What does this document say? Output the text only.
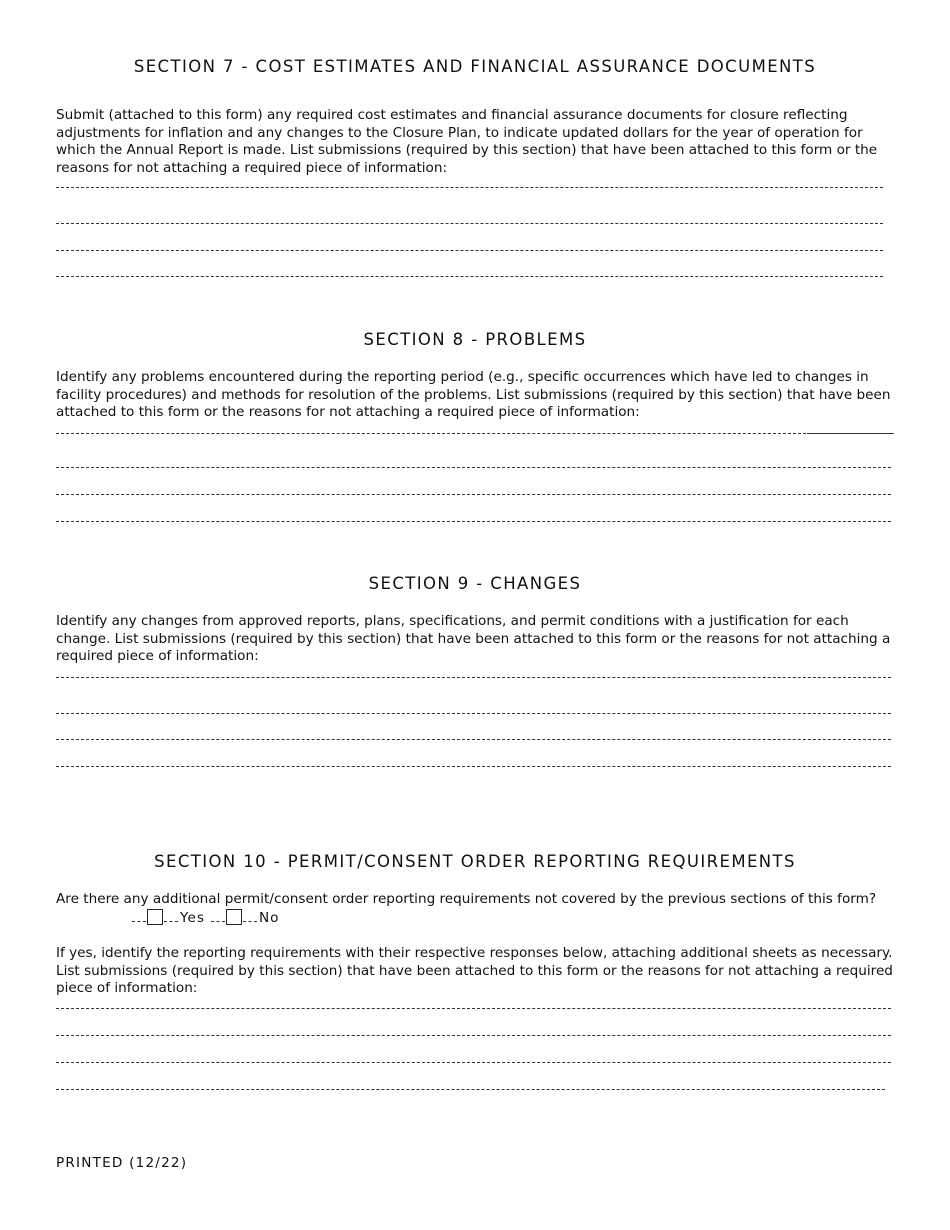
SECTION 7 - COST ESTIMATES AND FINANCIAL ASSURANCE DOCUMENTS

Submit (attached to this form) any required cost estimates and financial assurance documents for closure reflecting adjustments for inflation and any changes to the Closure Plan, to indicate updated dollars for the year of operation for which the Annual Report is made. List submissions (required by this section) that have been attached to this form or the reasons for not attaching a required piece of information:

SECTION 8 - PROBLEMS

Identify any problems encountered during the reporting period (e.g., specific occurrences which have led to changes in facility procedures) and methods for resolution of the problems. List submissions (required by this section) that have been attached to this form or the reasons for not attaching a required piece of information:

SECTION 9 - CHANGES

Identify any changes from approved reports, plans, specifications, and permit conditions with a justification for each change. List submissions (required by this section) that have been attached to this form or the reasons for not attaching a required piece of information:

SECTION 10 - PERMIT/CONSENT ORDER REPORTING REQUIREMENTS

Are there any additional permit/consent order reporting requirements not covered by the previous sections of this form?

Yes	No

If yes, identify the reporting requirements with their respective responses below, attaching additional sheets as necessary. List submissions (required by this section) that have been attached to this form or the reasons for not attaching a required piece of information:

PRINTED (12/22)
